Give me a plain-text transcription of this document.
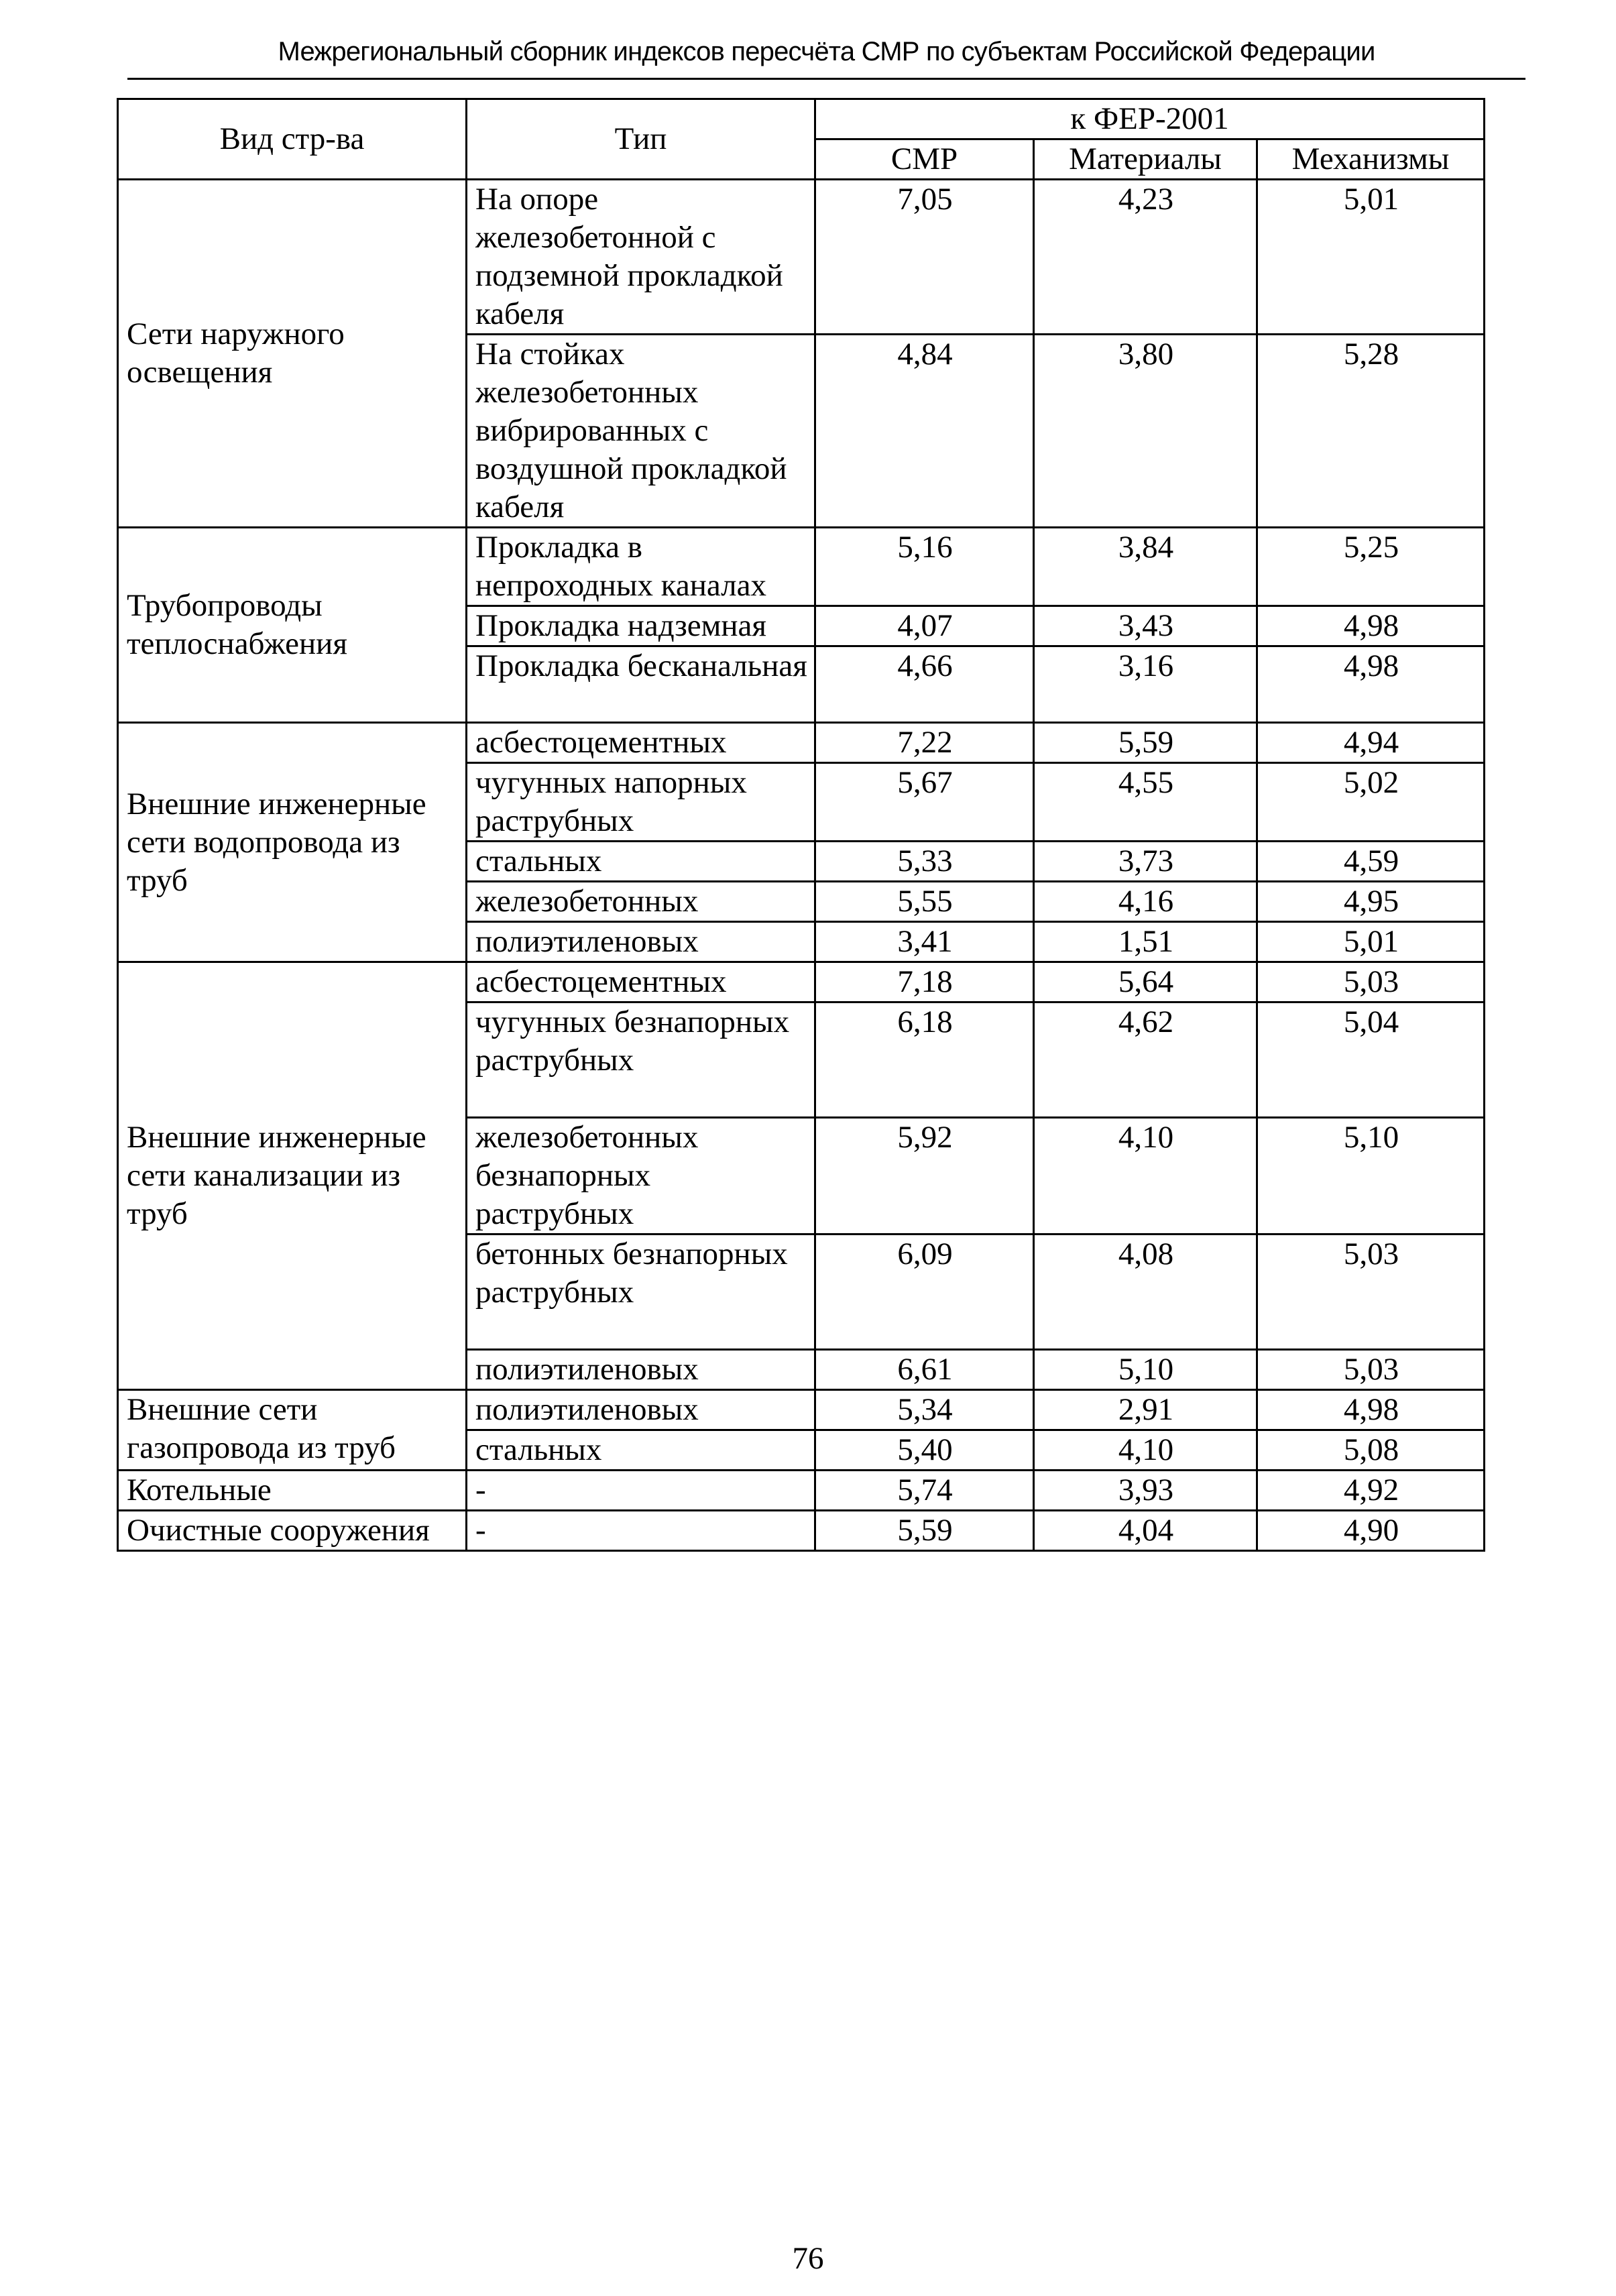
Межрегиональный сборник индексов пересчёта СМР по субъектам Российской Федерации
Вид стр-ва	Тип	к ФЕР-2001		
		СМР	Материалы	Механизмы
Сети наружного освещения	На опоре железобетонной с подземной прокладкой кабеля	7,05	4,23	5,01
	На стойках железобетонных вибрированных с воздушной прокладкой кабеля	4,84	3,80	5,28
Трубопроводы теплоснабжения	Прокладка в непроходных каналах	5,16	3,84	5,25
	Прокладка надземная	4,07	3,43	4,98
	Прокладка бесканальная	4,66	3,16	4,98
Внешние инженерные сети водопровода из труб	асбестоцементных	7,22	5,59	4,94
	чугунных напорных раструбных	5,67	4,55	5,02
	стальных	5,33	3,73	4,59
	железобетонных	5,55	4,16	4,95
	полиэтиленовых	3,41	1,51	5,01
Внешние инженерные сети канализации из труб	асбестоцементных	7,18	5,64	5,03
	чугунных безнапорных раструбных	6,18	4,62	5,04
	железобетонных безнапорных раструбных	5,92	4,10	5,10
	бетонных безнапорных раструбных	6,09	4,08	5,03
	полиэтиленовых	6,61	5,10	5,03
Внешние сети газопровода из труб	полиэтиленовых	5,34	2,91	4,98
	стальных	5,40	4,10	5,08
Котельные	-	5,74	3,93	4,92
Очистные сооружения	-	5,59	4,04	4,90
76
